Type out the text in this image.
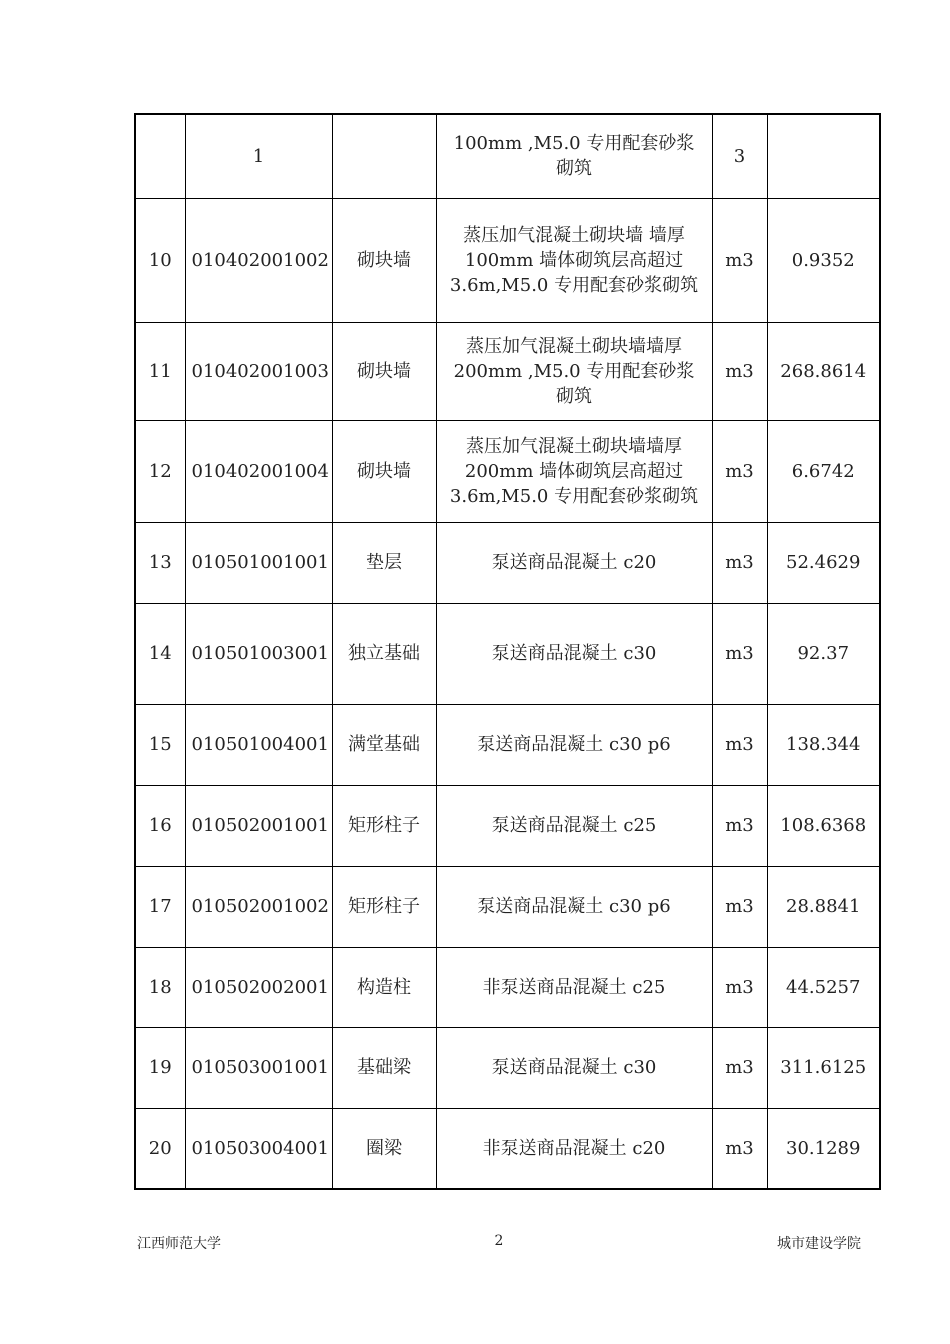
	1		100mm ,M5.0 专用配套砂浆砌筑	3	
10	010402001002	砌块墙	蒸压加气混凝土砌块墙 墙厚100mm 墙体砌筑层高超过 3.6m,M5.0 专用配套砂浆砌筑	m3	0.9352
11	010402001003	砌块墙	蒸压加气混凝土砌块墙墙厚200mm ,M5.0 专用配套砂浆砌筑	m3	268.8614
12	010402001004	砌块墙	蒸压加气混凝土砌块墙墙厚200mm 墙体砌筑层高超过3.6m,M5.0 专用配套砂浆砌筑	m3	6.6742
13	010501001001	垫层	泵送商品混凝土 c20	m3	52.4629
14	010501003001	独立基础	泵送商品混凝土 c30	m3	92.37
15	010501004001	满堂基础	泵送商品混凝土 c30 p6	m3	138.344
16	010502001001	矩形柱子	泵送商品混凝土 c25	m3	108.6368
17	010502001002	矩形柱子	泵送商品混凝土 c30 p6	m3	28.8841
18	010502002001	构造柱	非泵送商品混凝土 c25	m3	44.5257
19	010503001001	基础梁	泵送商品混凝土 c30	m3	311.6125
20	010503004001	圈梁	非泵送商品混凝土 c20	m3	30.1289
江西师范大学	2	城市建设学院
